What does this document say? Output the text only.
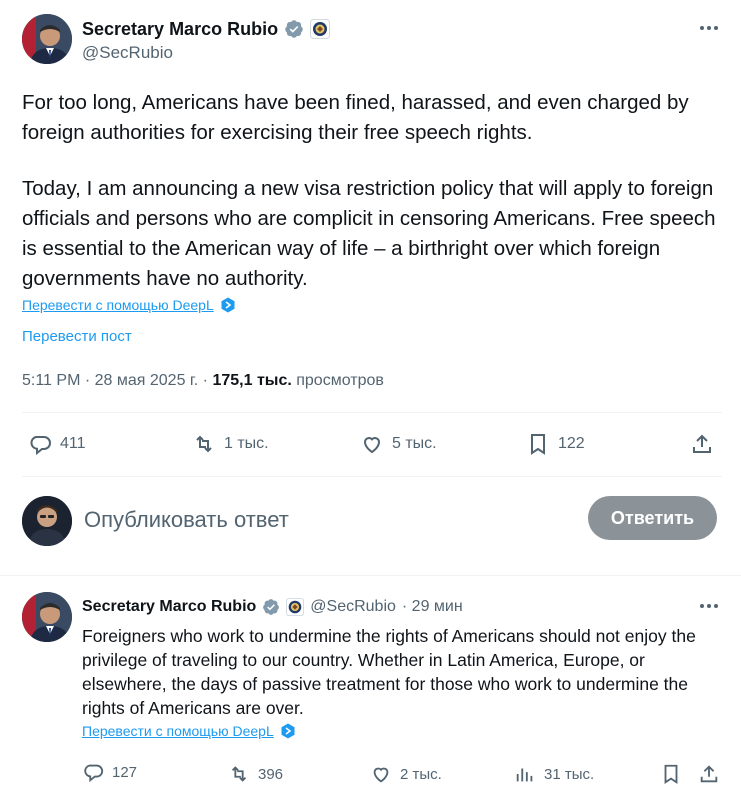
Secretary Marco Rubio
@SecRubio
For too long, Americans have been fined, harassed, and even charged by foreign authorities for exercising their free speech rights.
Today, I am announcing a new visa restriction policy that will apply to foreign officials and persons who are complicit in censoring Americans. Free speech is essential to the American way of life – a birthright over which foreign governments have no authority.
Перевести с помощью DeepL
Перевести пост
5:11 PM · 28 мая 2025 г. · 175,1 тыс. просмотров
411	1 тыс.	5 тыс.	122
Опубликовать ответ	Ответить
Secretary Marco Rubio	@SecRubio · 29 мин
Foreigners who work to undermine the rights of Americans should not enjoy the privilege of traveling to our country. Whether in Latin America, Europe, or elsewhere, the days of passive treatment for those who work to undermine the rights of Americans are over.
Перевести с помощью DeepL
127	396	2 тыс.	31 тыс.
